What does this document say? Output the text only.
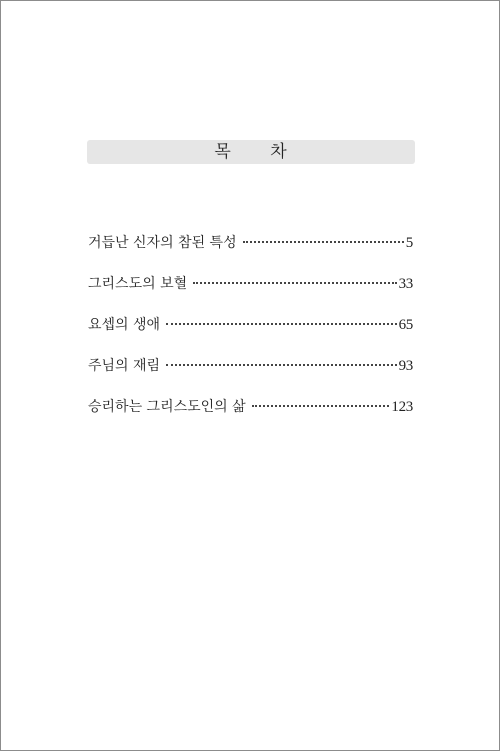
목      차
거듭난 신자의 참된 특성	5
그리스도의 보혈	33
요셉의 생애	65
주님의 재림	93
승리하는 그리스도인의 삶	123
